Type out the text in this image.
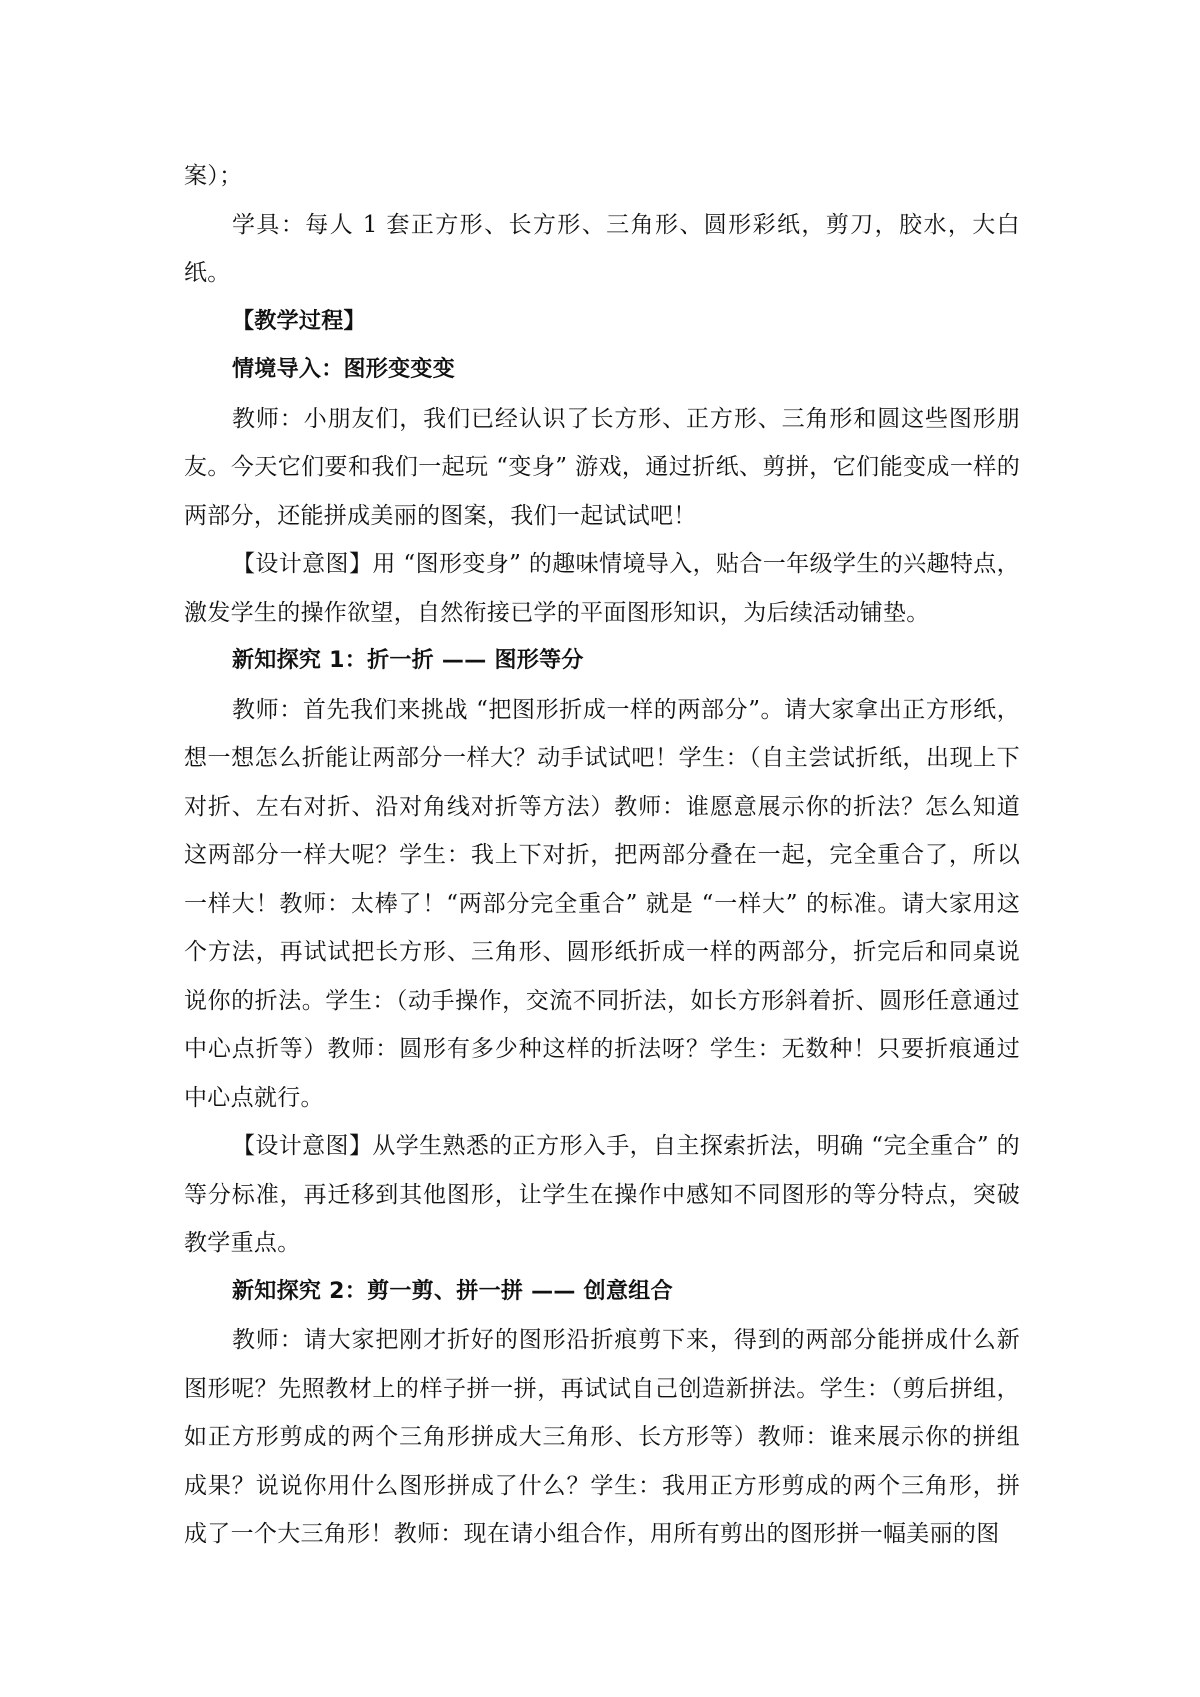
案）；

学具：每人 1 套正方形、长方形、三角形、圆形彩纸，剪刀，胶水，大白纸。

【教学过程】

情境导入：图形变变变

教师：小朋友们，我们已经认识了长方形、正方形、三角形和圆这些图形朋友。今天它们要和我们一起玩 “变身” 游戏，通过折纸、剪拼，它们能变成一样的两部分，还能拼成美丽的图案，我们一起试试吧！

【设计意图】用 “图形变身” 的趣味情境导入，贴合一年级学生的兴趣特点，激发学生的操作欲望，自然衔接已学的平面图形知识，为后续活动铺垫。

新知探究 1：折一折 —— 图形等分

教师：首先我们来挑战 “把图形折成一样的两部分”。请大家拿出正方形纸，想一想怎么折能让两部分一样大？动手试试吧！学生：（自主尝试折纸，出现上下对折、左右对折、沿对角线对折等方法）教师：谁愿意展示你的折法？怎么知道这两部分一样大呢？学生：我上下对折，把两部分叠在一起，完全重合了，所以一样大！教师：太棒了！“两部分完全重合” 就是 “一样大” 的标准。请大家用这个方法，再试试把长方形、三角形、圆形纸折成一样的两部分，折完后和同桌说说你的折法。学生：（动手操作，交流不同折法，如长方形斜着折、圆形任意通过中心点折等）教师：圆形有多少种这样的折法呀？学生：无数种！只要折痕通过中心点就行。

【设计意图】从学生熟悉的正方形入手，自主探索折法，明确 “完全重合” 的等分标准，再迁移到其他图形，让学生在操作中感知不同图形的等分特点，突破教学重点。

新知探究 2：剪一剪、拼一拼 —— 创意组合

教师：请大家把刚才折好的图形沿折痕剪下来，得到的两部分能拼成什么新图形呢？先照教材上的样子拼一拼，再试试自己创造新拼法。学生：（剪后拼组，如正方形剪成的两个三角形拼成大三角形、长方形等）教师：谁来展示你的拼组成果？说说你用什么图形拼成了什么？学生：我用正方形剪成的两个三角形，拼成了一个大三角形！教师：现在请小组合作，用所有剪出的图形拼一幅美丽的图
